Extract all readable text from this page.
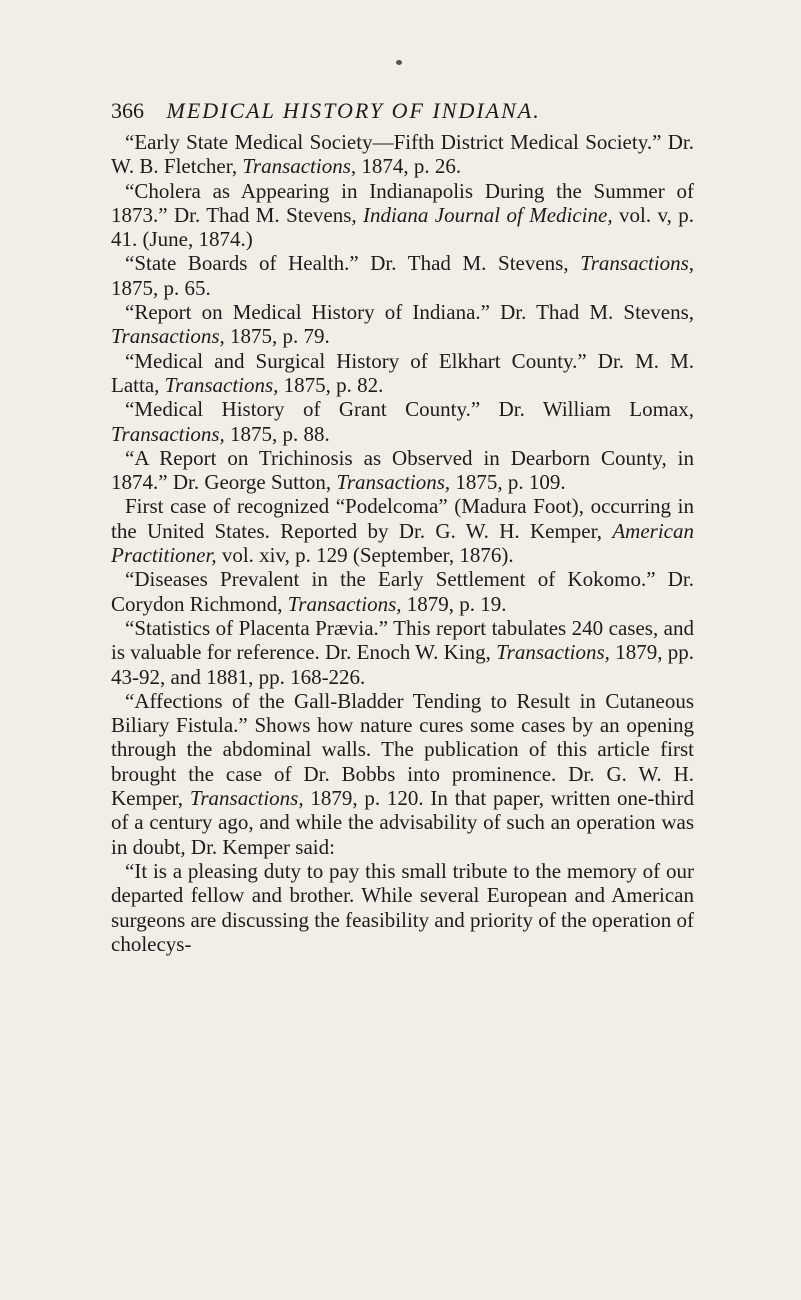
366 MEDICAL HISTORY OF INDIANA.

“Early State Medical Society—Fifth District Medical Society.” Dr. W. B. Fletcher, Transactions, 1874, p. 26.

“Cholera as Appearing in Indianapolis During the Summer of 1873.” Dr. Thad M. Stevens, Indiana Journal of Medicine, vol. v, p. 41. (June, 1874.)

“State Boards of Health.” Dr. Thad M. Stevens, Transactions, 1875, p. 65.

“Report on Medical History of Indiana.” Dr. Thad M. Stevens, Transactions, 1875, p. 79.

“Medical and Surgical History of Elkhart County.” Dr. M. M. Latta, Transactions, 1875, p. 82.

“Medical History of Grant County.” Dr. William Lomax, Transactions, 1875, p. 88.

“A Report on Trichinosis as Observed in Dearborn County, in 1874.” Dr. George Sutton, Transactions, 1875, p. 109.

First case of recognized “Podelcoma” (Madura Foot), occurring in the United States. Reported by Dr. G. W. H. Kemper, American Practitioner, vol. xiv, p. 129 (September, 1876).

“Diseases Prevalent in the Early Settlement of Kokomo.” Dr. Corydon Richmond, Transactions, 1879, p. 19.

“Statistics of Placenta Prævia.” This report tabulates 240 cases, and is valuable for reference. Dr. Enoch W. King, Transactions, 1879, pp. 43-92, and 1881, pp. 168-226.

“Affections of the Gall-Bladder Tending to Result in Cutaneous Biliary Fistula.” Shows how nature cures some cases by an opening through the abdominal walls. The publication of this article first brought the case of Dr. Bobbs into prominence. Dr. G. W. H. Kemper, Transactions, 1879, p. 120. In that paper, written one-third of a century ago, and while the advisability of such an operation was in doubt, Dr. Kemper said:

“It is a pleasing duty to pay this small tribute to the memory of our departed fellow and brother. While several European and American surgeons are discussing the feasibility and priority of the operation of cholecys-
